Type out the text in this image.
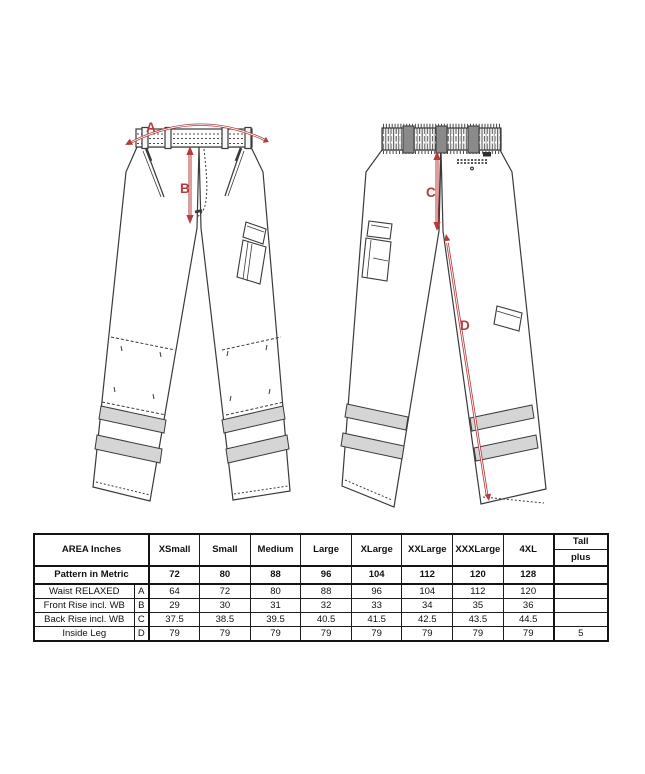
A
B	C
D
AREA Inches		XSmall	Small	Medium	Large	XLarge	XXLarge	XXXLarge	4XL	Tall
										plus
Pattern in Metric		72	80	88	96	104	112	120	128	
Waist RELAXED	A	64	72	80	88	96	104	112	120	
Front Rise incl. WB	B	29	30	31	32	33	34	35	36	
Back Rise incl. WB	C	37.5	38.5	39.5	40.5	41.5	42.5	43.5	44.5	
Inside Leg	D	79	79	79	79	79	79	79	79	5
